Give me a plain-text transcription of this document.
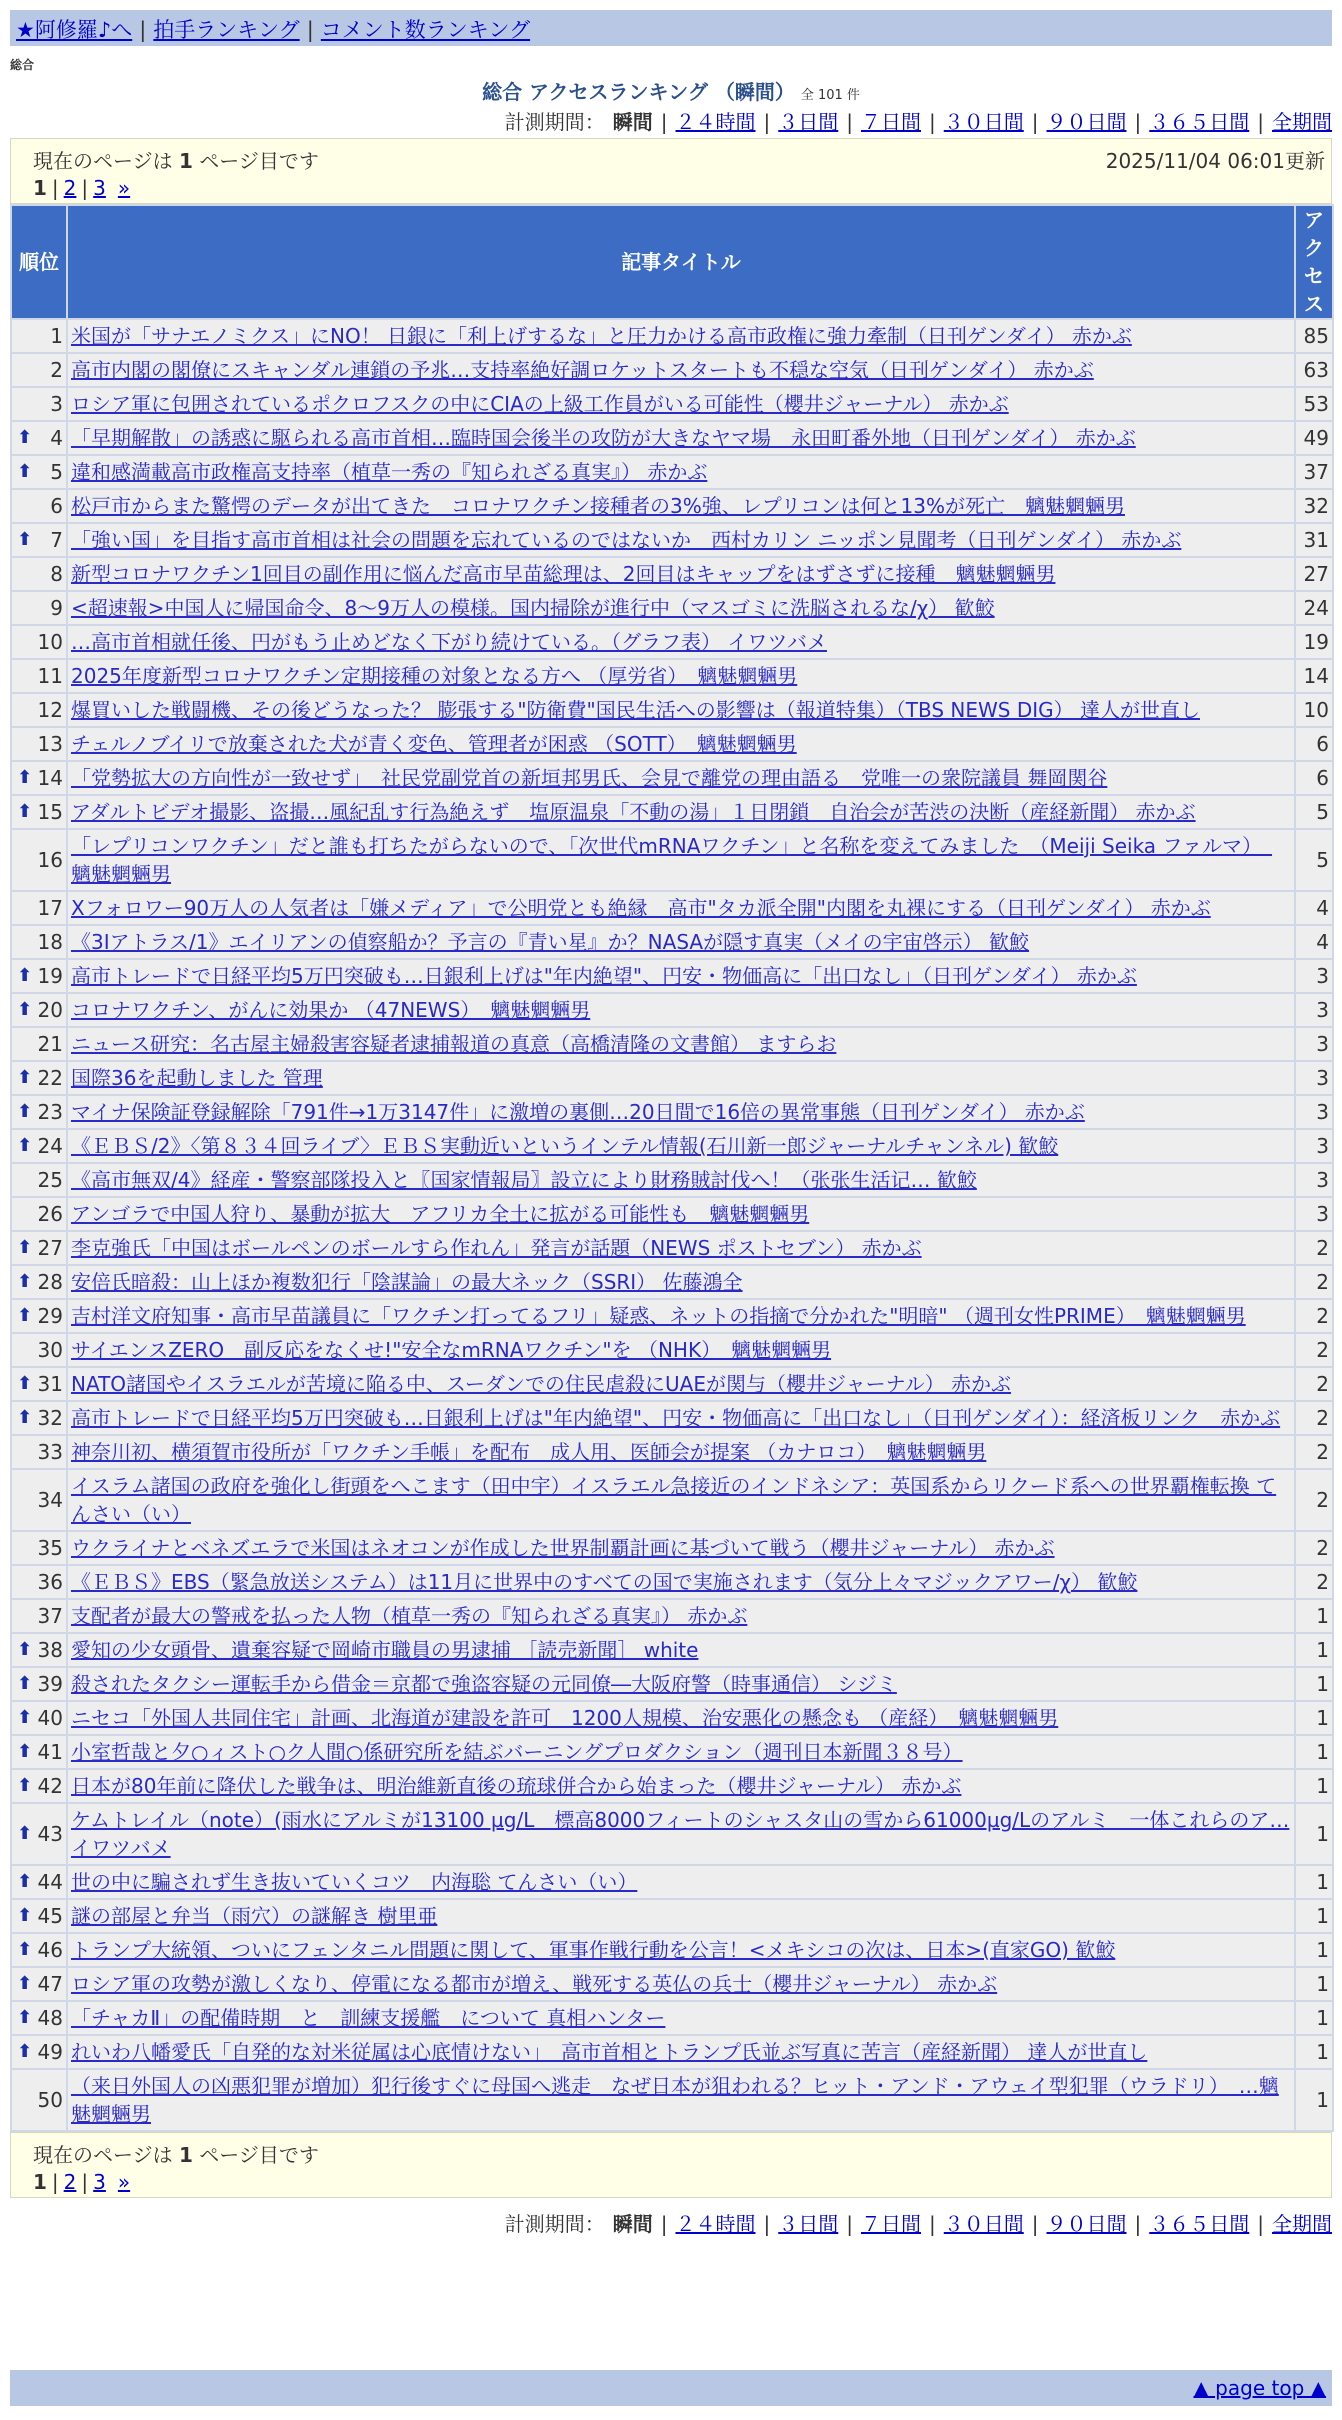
★阿修羅♪へ | 拍手ランキング | コメント数ランキング
総合
総合 アクセスランキング （瞬間） 全 101 件
計測期間： 瞬間 | ２４時間 | ３日間 | ７日間 | ３０日間 | ９０日間 | ３６５日間 | 全期間
現在のページは 1 ページ目です	2025/11/04 06:01更新
1 | 2 | 3 »
順位	記事タイトル	アクセス
1	米国が「サナエノミクス」にNO！ 日銀に「利上げするな」と圧力かける高市政権に強力牽制（日刊ゲンダイ） 赤かぶ	85
2	高市内閣の閣僚にスキャンダル連鎖の予兆…支持率絶好調ロケットスタートも不穏な空気（日刊ゲンダイ） 赤かぶ	63
3	ロシア軍に包囲されているポクロフスクの中にCIAの上級工作員がいる可能性（櫻井ジャーナル） 赤かぶ	53

⬆ 4	「早期解散」の誘惑に駆られる高市首相…臨時国会後半の攻防が大きなヤマ場　永田町番外地（日刊ゲンダイ） 赤かぶ	49

⬆ 5	違和感満載高市政権高支持率（植草一秀の『知られざる真実』） 赤かぶ	37
6	松戸市からまた驚愕のデータが出てきた　コロナワクチン接種者の3%強、レプリコンは何と13%が死亡　魑魅魍魎男	32

⬆ 7	「強い国」を目指す高市首相は社会の問題を忘れているのではないか　西村カリン ニッポン見聞考（日刊ゲンダイ） 赤かぶ	31
8	新型コロナワクチン1回目の副作用に悩んだ高市早苗総理は、2回目はキャップをはずさずに接種　魑魅魍魎男	27
9	<超速報>中国人に帰国命令、8～9万人の模様。国内掃除が進行中（マスゴミに洗脳されるな/χ） 歓鮫	24
10	…高市首相就任後、円がもう止めどなく下がり続けている。（グラフ表） イワツバメ	19
11	2025年度新型コロナワクチン定期接種の対象となる方へ （厚労省）　魑魅魍魎男	14
12	爆買いした戦闘機、その後どうなった？ 膨張する"防衛費"国民生活への影響は（報道特集）（TBS NEWS DIG） 達人が世直し	10
13	チェルノブイリで放棄された犬が青く変色、管理者が困惑 （SOTT）　魑魅魍魎男	6

⬆ 14	「党勢拡大の方向性が一致せず」　社民党副党首の新垣邦男氏、会見で離党の理由語る　党唯一の衆院議員 舞岡関谷	6

⬆ 15	アダルトビデオ撮影、盗撮…風紀乱す行為絶えず　塩原温泉「不動の湯」１日閉鎖　自治会が苦渋の決断（産経新聞） 赤かぶ	5
16	「レプリコンワクチン」だと誰も打ちたがらないので、「次世代mRNAワクチン」と名称を変えてみました　（Meiji Seika ファルマ）　魑魅魍魎男	5
17	Xフォロワー90万人の人気者は「嫌メディア」で公明党とも絶縁　高市"タカ派全開"内閣を丸裸にする（日刊ゲンダイ） 赤かぶ	4
18	《3Iアトラス/1》エイリアンの偵察船か？予言の『青い星』か？NASAが隠す真実（メイの宇宙啓示） 歓鮫	4

⬆ 19	高市トレードで日経平均5万円突破も…日銀利上げは"年内絶望"、円安・物価高に「出口なし」（日刊ゲンダイ） 赤かぶ	3

⬆ 20	コロナワクチン、がんに効果か （47NEWS）　魑魅魍魎男	3
21	ニュース研究：名古屋主婦殺害容疑者逮捕報道の真意（高橋清隆の文書館） ますらお	3

⬆ 22	国際36を起動しました 管理	3

⬆ 23	マイナ保険証登録解除「791件→1万3147件」に激増の裏側…20日間で16倍の異常事態（日刊ゲンダイ） 赤かぶ	3

⬆ 24	《ＥＢＳ/2》〈第８３４回ライブ〉ＥＢＳ実動近いというインテル情報(石川新一郎ジャーナルチャンネル) 歓鮫	3
25	《高市無双/4》経産・警察部隊投入と〖国家情報局〗設立により財務賊討伐へ！（张张生活记… 歓鮫	3
26	アンゴラで中国人狩り、暴動が拡大　アフリカ全土に拡がる可能性も　魑魅魍魎男	3

⬆ 27	李克強氏「中国はボールペンのボールすら作れん」発言が話題（NEWS ポストセブン） 赤かぶ	2

⬆ 28	安倍氏暗殺：山上ほか複数犯行「陰謀論」の最大ネック（SSRI） 佐藤鴻全	2

⬆ 29	吉村洋文府知事・高市早苗議員に「ワクチン打ってるフリ」疑惑、ネットの指摘で分かれた"明暗" （週刊女性PRIME）　魑魅魍魎男	2
30	サイエンスZERO　副反応をなくせ!"安全なmRNAワクチン"を （NHK）　魑魅魍魎男	2

⬆ 31	NATO諸国やイスラエルが苦境に陥る中、スーダンでの住民虐殺にUAEが関与（櫻井ジャーナル） 赤かぶ	2

⬆ 32	高市トレードで日経平均5万円突破も…日銀利上げは"年内絶望"、円安・物価高に「出口なし」（日刊ゲンダイ）：経済板リンク　赤かぶ	2
33	神奈川初、横須賀市役所が「ワクチン手帳」を配布　成人用、医師会が提案 （カナロコ）　魑魅魍魎男	2
34	イスラム諸国の政府を強化し街頭をへこます（田中宇）イスラエル急接近のインドネシア：英国系からリクード系への世界覇権転換 てんさい（い）	2
35	ウクライナとベネズエラで米国はネオコンが作成した世界制覇計画に基づいて戦う（櫻井ジャーナル） 赤かぶ	2
36	《ＥＢＳ》EBS（緊急放送システム）は11月に世界中のすべての国で実施されます（気分上々マジックアワー/χ） 歓鮫	2
37	支配者が最大の警戒を払った人物（植草一秀の『知られざる真実』） 赤かぶ	1

⬆ 38	愛知の少女頭骨、遺棄容疑で岡崎市職員の男逮捕 ［読売新聞］ white	1

⬆ 39	殺されたタクシー運転手から借金＝京都で強盗容疑の元同僚―大阪府警（時事通信） シジミ	1

⬆ 40	ニセコ「外国人共同住宅」計画、北海道が建設を許可　1200人規模、治安悪化の懸念も （産経）　魑魅魍魎男	1

⬆ 41	小室哲哉と夕○ィスト○ク人間○係研究所を結ぶバーニングプロダクション（週刊日本新聞３８号）	1

⬆ 42	日本が80年前に降伏した戦争は、明治維新直後の琉球併合から始まった（櫻井ジャーナル） 赤かぶ	1

⬆ 43	ケムトレイル（note）(雨水にアルミが13100 µg/L　標高8000フィートのシャスタ山の雪から61000µg/Lのアルミ　一体これらのア… イワツバメ	1

⬆ 44	世の中に騙されず生き抜いていくコツ　内海聡 てんさい（い）	1

⬆ 45	謎の部屋と弁当（雨穴）の謎解き 樹里亜	1

⬆ 46	トランプ大統領、ついにフェンタニル問題に関して、軍事作戦行動を公言！<メキシコの次は、日本>(直家GO) 歓鮫	1

⬆ 47	ロシア軍の攻勢が激しくなり、停電になる都市が増え、戦死する英仏の兵士（櫻井ジャーナル） 赤かぶ	1

⬆ 48	「チャカⅡ」の配備時期　と　訓練支援艦　について 真相ハンター	1

⬆ 49	れいわ八幡愛氏「自発的な対米従属は心底情けない」　高市首相とトランプ氏並ぶ写真に苦言（産経新聞） 達人が世直し	1
50	（来日外国人の凶悪犯罪が増加）犯行後すぐに母国へ逃走　なぜ日本が狙われる？ヒット・アンド・アウェイ型犯罪（ウラドリ）　…魑魅魍魎男	1
計測期間： 瞬間 | ２４時間 | ３日間 | ７日間 | ３０日間 | ９０日間 | ３６５日間 | 全期間
▲ page top ▲
現在のページは 1 ページ目です
1 | 2 | 3 »
